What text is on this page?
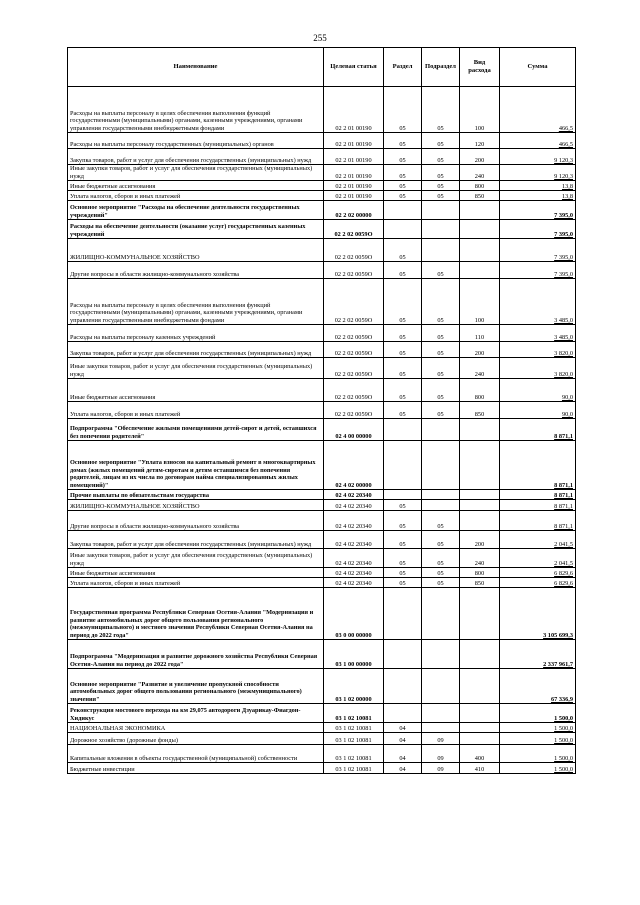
255
Наименование	Целевая статья	Раздел	Подраздел	Вид расхода	Сумма
Расходы на выплаты персоналу в целях обеспечения выполнения функций государственными (муниципальными) органами, казенными учреждениями, органами управления государственными внебюджетными фондами	02 2 01 00190	05	05	100	466,5
Расходы на выплаты персоналу государственных (муниципальных) органов	02 2 01 00190	05	05	120	466,5
Закупка товаров, работ и услуг для обеспечения государственных (муниципальных) нужд	02 2 01 00190	05	05	200	9 120,3
Иные закупки товаров, работ и услуг для обеспечения государственных (муниципальных) нужд	02 2 01 00190	05	05	240	9 120,3
Иные бюджетные ассигнования	02 2 01 00190	05	05	800	13,8
Уплата налогов, сборов и иных платежей	02 2 01 00190	05	05	850	13,8
Основное мероприятие "Расходы на обеспечение деятельности государственных учреждений"	02 2 02 00000				7 395,0
Расходы на обеспечение деятельности (оказание услуг) государственных казенных учреждений	02 2 02 0059О				7 395,0
ЖИЛИЩНО-КОММУНАЛЬНОЕ ХОЗЯЙСТВО	02 2 02 0059О	05			7 395,0
Другие вопросы в области жилищно-коммунального хозяйства	02 2 02 0059О	05	05		7 395,0
Расходы на выплаты персоналу в целях обеспечения выполнения функций государственными (муниципальными) органами, казенными учреждениями, органами управления государственными внебюджетными фондами	02 2 02 0059О	05	05	100	3 485,0
Расходы на выплаты персоналу казенных учреждений	02 2 02 0059О	05	05	110	3 485,0
Закупка товаров, работ и услуг для обеспечения государственных (муниципальных) нужд	02 2 02 0059О	05	05	200	3 820,0
Иные закупки товаров, работ и услуг для обеспечения государственных (муниципальных) нужд	02 2 02 0059О	05	05	240	3 820,0
Иные бюджетные ассигнования	02 2 02 0059О	05	05	800	90,0
Уплата налогов, сборов и иных платежей	02 2 02 0059О	05	05	850	90,0
Подпрограмма "Обеспечение жилыми помещениями детей-сирот и детей, оставшихся без попечения родителей"	02 4 00 00000				8 871,1
Основное мероприятие "Уплата взносов на капитальный ремонт в многоквартирных домах (жилых помещений детям-сиротам и детям оставшимся без попечения родителей, лицам из их числа по договорам найма специализированных жилых помещений)"	02 4 02 00000				8 871,1
Прочие выплаты по обязательствам государства	02 4 02 20340				8 871,1
ЖИЛИЩНО-КОММУНАЛЬНОЕ ХОЗЯЙСТВО	02 4 02 20340	05			8 871,1
Другие вопросы в области жилищно-коммунального хозяйства	02 4 02 20340	05	05		8 871,1
Закупка товаров, работ и услуг для обеспечения государственных (муниципальных) нужд	02 4 02 20340	05	05	200	2 041,5
Иные закупки товаров, работ и услуг для обеспечения государственных (муниципальных) нужд	02 4 02 20340	05	05	240	2 041,5
Иные бюджетные ассигнования	02 4 02 20340	05	05	800	6 829,6
Уплата налогов, сборов и иных платежей	02 4 02 20340	05	05	850	6 829,6
Государственная программа Республики Северная Осетия-Алания "Модернизация и развитие автомобильных дорог общего пользования регионального (межмуниципального) и местного значения Республики Северная Осетия-Алания на период до 2022 года"	03 0 00 00000				3 105 699,3
Подпрограмма "Модернизация и развитие дорожного хозяйства Республики Северная Осетия-Алания на период до 2022 года"	03 1 00 00000				2 337 961,7
Основное мероприятие "Развитие и увеличение пропускной способности автомобильных дорог общего пользования регионального (межмуниципального) значения"	03 1 02 00000				67 336,9
Реконструкция мостового перехода на км 29,075 автодороги Дзуарикау-Фиагдон-Хидикус	03 1 02 10081				1 500,0
НАЦИОНАЛЬНАЯ ЭКОНОМИКА	03 1 02 10081	04			1 500,0
Дорожное хозяйство (дорожные фонды)	03 1 02 10081	04	09		1 500,0
Капитальные вложения в объекты государственной (муниципальной) собственности	03 1 02 10081	04	09	400	1 500,0
Бюджетные инвестиции	03 1 02 10081	04	09	410	1 500,0
